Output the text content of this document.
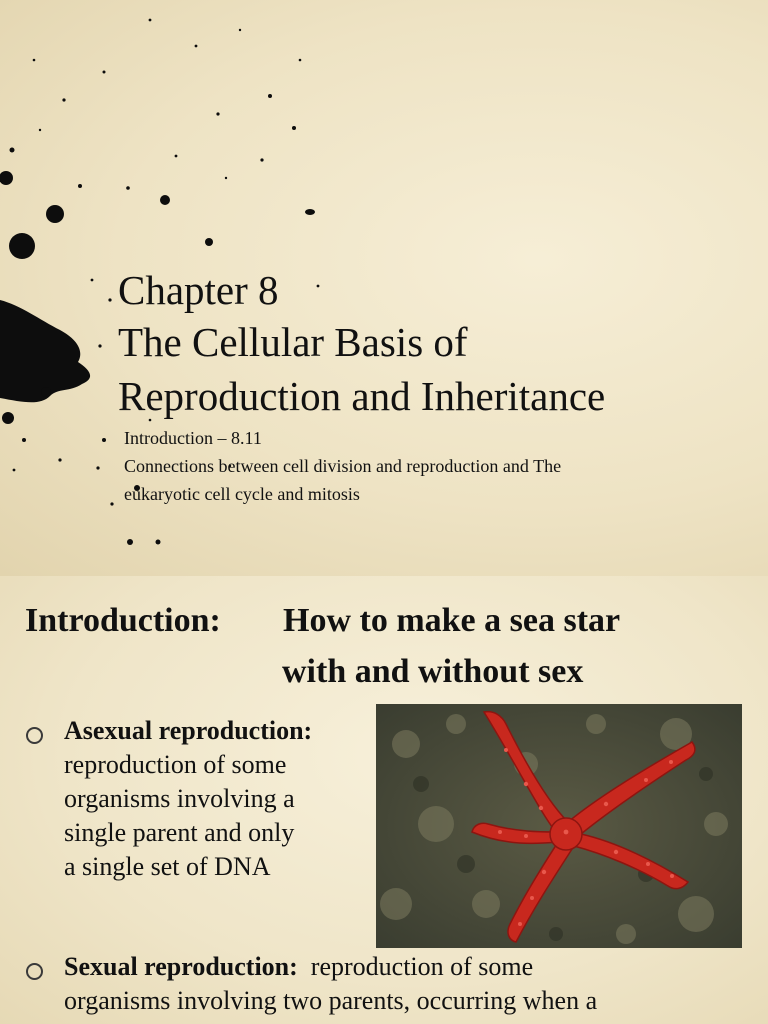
Chapter 8
The Cellular Basis of
Reproduction and Inheritance
Introduction – 8.11
Connections between cell division and reproduction and The
eukaryotic cell cycle and mitosis
Introduction: How to make a sea star
with and without sex
Asexual reproduction:
reproduction of some
organisms involving a
single parent and only
a single set of DNA
Sexual reproduction: reproduction of some
organisms involving two parents, occurring when a
